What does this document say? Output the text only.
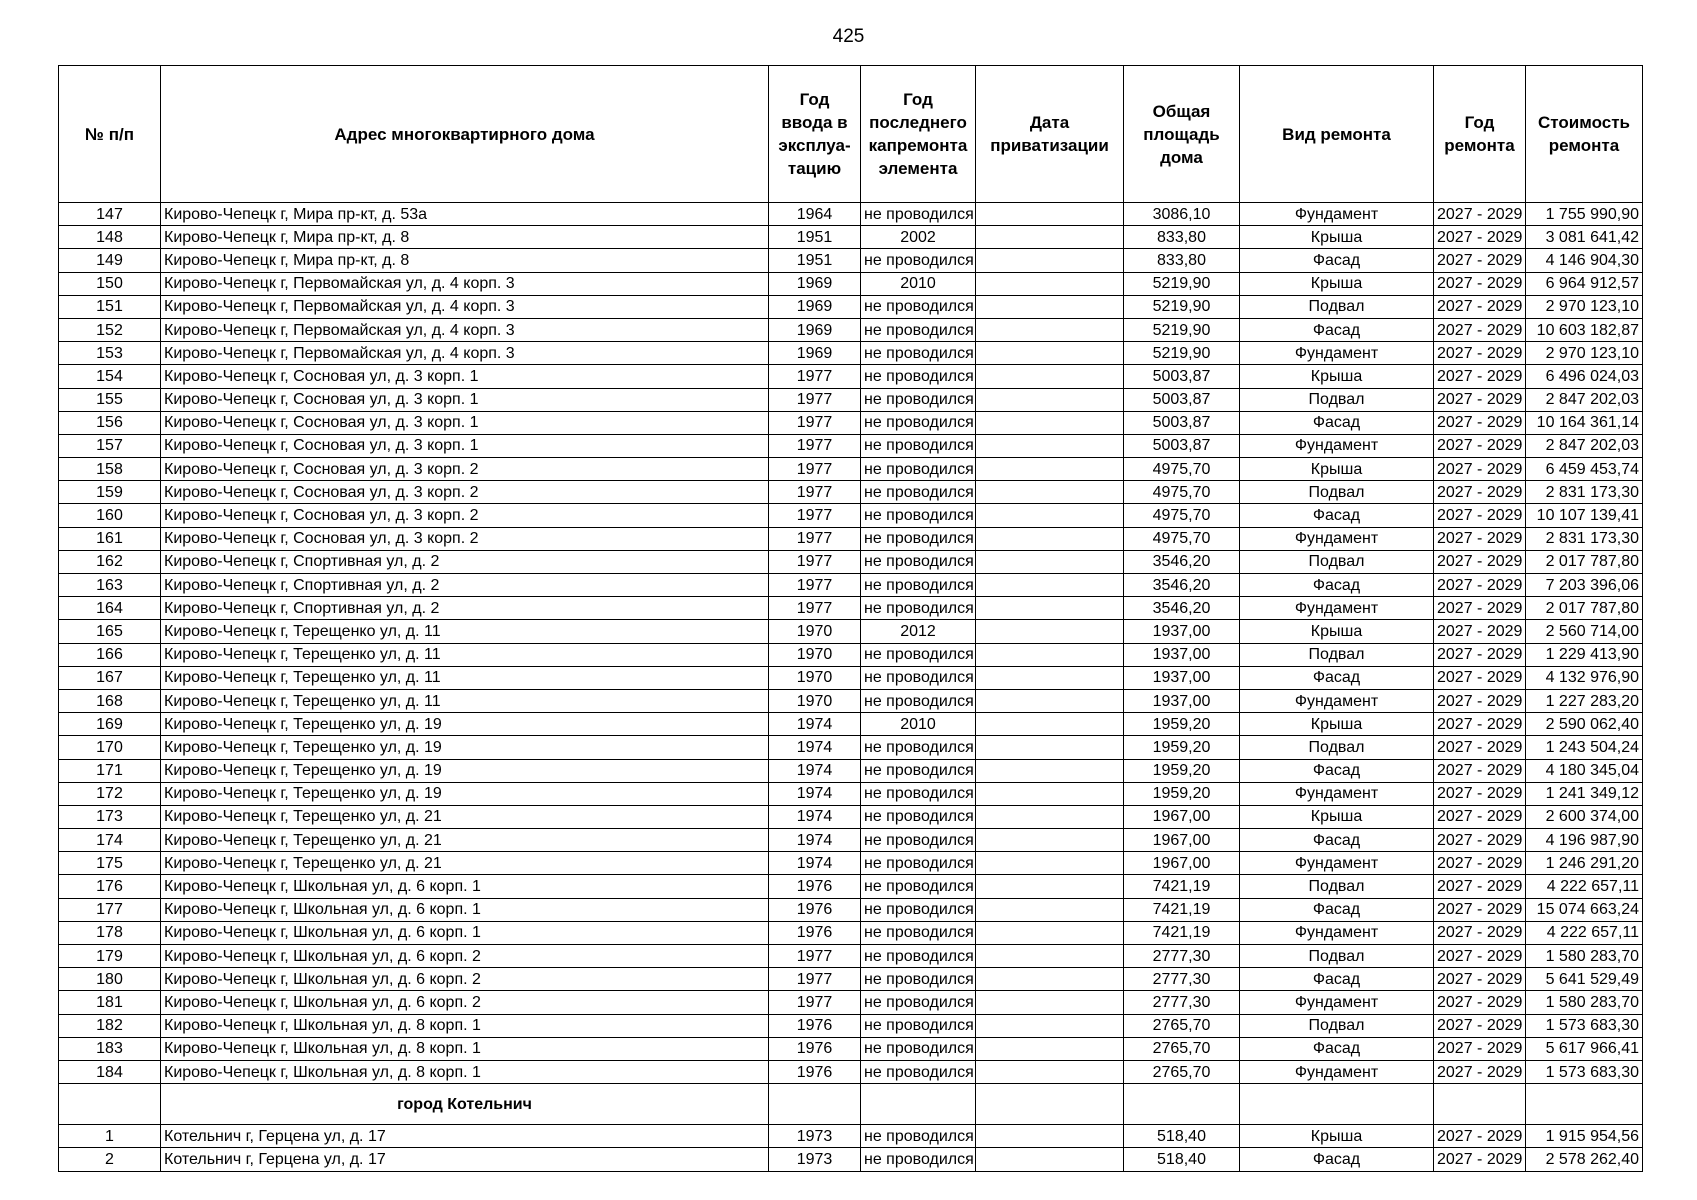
425
№ п/п	Адрес многоквартирного дома	Год ввода в эксплуа-тацию	Год последнего капремонта элемента	Дата приватизации	Общая площадь дома	Вид ремонта	Год ремонта	Стоимость ремонта
147	Кирово-Чепецк г, Мира пр-кт, д. 53а	1964	не проводился		3086,10	Фундамент	2027 - 2029	1 755 990,90
148	Кирово-Чепецк г, Мира пр-кт, д. 8	1951	2002		833,80	Крыша	2027 - 2029	3 081 641,42
149	Кирово-Чепецк г, Мира пр-кт, д. 8	1951	не проводился		833,80	Фасад	2027 - 2029	4 146 904,30
150	Кирово-Чепецк г, Первомайская ул, д. 4 корп. 3	1969	2010		5219,90	Крыша	2027 - 2029	6 964 912,57
151	Кирово-Чепецк г, Первомайская ул, д. 4 корп. 3	1969	не проводился		5219,90	Подвал	2027 - 2029	2 970 123,10
152	Кирово-Чепецк г, Первомайская ул, д. 4 корп. 3	1969	не проводился		5219,90	Фасад	2027 - 2029	10 603 182,87
153	Кирово-Чепецк г, Первомайская ул, д. 4 корп. 3	1969	не проводился		5219,90	Фундамент	2027 - 2029	2 970 123,10
154	Кирово-Чепецк г, Сосновая ул, д. 3 корп. 1	1977	не проводился		5003,87	Крыша	2027 - 2029	6 496 024,03
155	Кирово-Чепецк г, Сосновая ул, д. 3 корп. 1	1977	не проводился		5003,87	Подвал	2027 - 2029	2 847 202,03
156	Кирово-Чепецк г, Сосновая ул, д. 3 корп. 1	1977	не проводился		5003,87	Фасад	2027 - 2029	10 164 361,14
157	Кирово-Чепецк г, Сосновая ул, д. 3 корп. 1	1977	не проводился		5003,87	Фундамент	2027 - 2029	2 847 202,03
158	Кирово-Чепецк г, Сосновая ул, д. 3 корп. 2	1977	не проводился		4975,70	Крыша	2027 - 2029	6 459 453,74
159	Кирово-Чепецк г, Сосновая ул, д. 3 корп. 2	1977	не проводился		4975,70	Подвал	2027 - 2029	2 831 173,30
160	Кирово-Чепецк г, Сосновая ул, д. 3 корп. 2	1977	не проводился		4975,70	Фасад	2027 - 2029	10 107 139,41
161	Кирово-Чепецк г, Сосновая ул, д. 3 корп. 2	1977	не проводился		4975,70	Фундамент	2027 - 2029	2 831 173,30
162	Кирово-Чепецк г, Спортивная ул, д. 2	1977	не проводился		3546,20	Подвал	2027 - 2029	2 017 787,80
163	Кирово-Чепецк г, Спортивная ул, д. 2	1977	не проводился		3546,20	Фасад	2027 - 2029	7 203 396,06
164	Кирово-Чепецк г, Спортивная ул, д. 2	1977	не проводился		3546,20	Фундамент	2027 - 2029	2 017 787,80
165	Кирово-Чепецк г, Терещенко ул, д. 11	1970	2012		1937,00	Крыша	2027 - 2029	2 560 714,00
166	Кирово-Чепецк г, Терещенко ул, д. 11	1970	не проводился		1937,00	Подвал	2027 - 2029	1 229 413,90
167	Кирово-Чепецк г, Терещенко ул, д. 11	1970	не проводился		1937,00	Фасад	2027 - 2029	4 132 976,90
168	Кирово-Чепецк г, Терещенко ул, д. 11	1970	не проводился		1937,00	Фундамент	2027 - 2029	1 227 283,20
169	Кирово-Чепецк г, Терещенко ул, д. 19	1974	2010		1959,20	Крыша	2027 - 2029	2 590 062,40
170	Кирово-Чепецк г, Терещенко ул, д. 19	1974	не проводился		1959,20	Подвал	2027 - 2029	1 243 504,24
171	Кирово-Чепецк г, Терещенко ул, д. 19	1974	не проводился		1959,20	Фасад	2027 - 2029	4 180 345,04
172	Кирово-Чепецк г, Терещенко ул, д. 19	1974	не проводился		1959,20	Фундамент	2027 - 2029	1 241 349,12
173	Кирово-Чепецк г, Терещенко ул, д. 21	1974	не проводился		1967,00	Крыша	2027 - 2029	2 600 374,00
174	Кирово-Чепецк г, Терещенко ул, д. 21	1974	не проводился		1967,00	Фасад	2027 - 2029	4 196 987,90
175	Кирово-Чепецк г, Терещенко ул, д. 21	1974	не проводился		1967,00	Фундамент	2027 - 2029	1 246 291,20
176	Кирово-Чепецк г, Школьная ул, д. 6 корп. 1	1976	не проводился		7421,19	Подвал	2027 - 2029	4 222 657,11
177	Кирово-Чепецк г, Школьная ул, д. 6 корп. 1	1976	не проводился		7421,19	Фасад	2027 - 2029	15 074 663,24
178	Кирово-Чепецк г, Школьная ул, д. 6 корп. 1	1976	не проводился		7421,19	Фундамент	2027 - 2029	4 222 657,11
179	Кирово-Чепецк г, Школьная ул, д. 6 корп. 2	1977	не проводился		2777,30	Подвал	2027 - 2029	1 580 283,70
180	Кирово-Чепецк г, Школьная ул, д. 6 корп. 2	1977	не проводился		2777,30	Фасад	2027 - 2029	5 641 529,49
181	Кирово-Чепецк г, Школьная ул, д. 6 корп. 2	1977	не проводился		2777,30	Фундамент	2027 - 2029	1 580 283,70
182	Кирово-Чепецк г, Школьная ул, д. 8 корп. 1	1976	не проводился		2765,70	Подвал	2027 - 2029	1 573 683,30
183	Кирово-Чепецк г, Школьная ул, д. 8 корп. 1	1976	не проводился		2765,70	Фасад	2027 - 2029	5 617 966,41
184	Кирово-Чепецк г, Школьная ул, д. 8 корп. 1	1976	не проводился		2765,70	Фундамент	2027 - 2029	1 573 683,30
	город Котельнич							
1	Котельнич г, Герцена ул, д. 17	1973	не проводился		518,40	Крыша	2027 - 2029	1 915 954,56
2	Котельнич г, Герцена ул, д. 17	1973	не проводился		518,40	Фасад	2027 - 2029	2 578 262,40
